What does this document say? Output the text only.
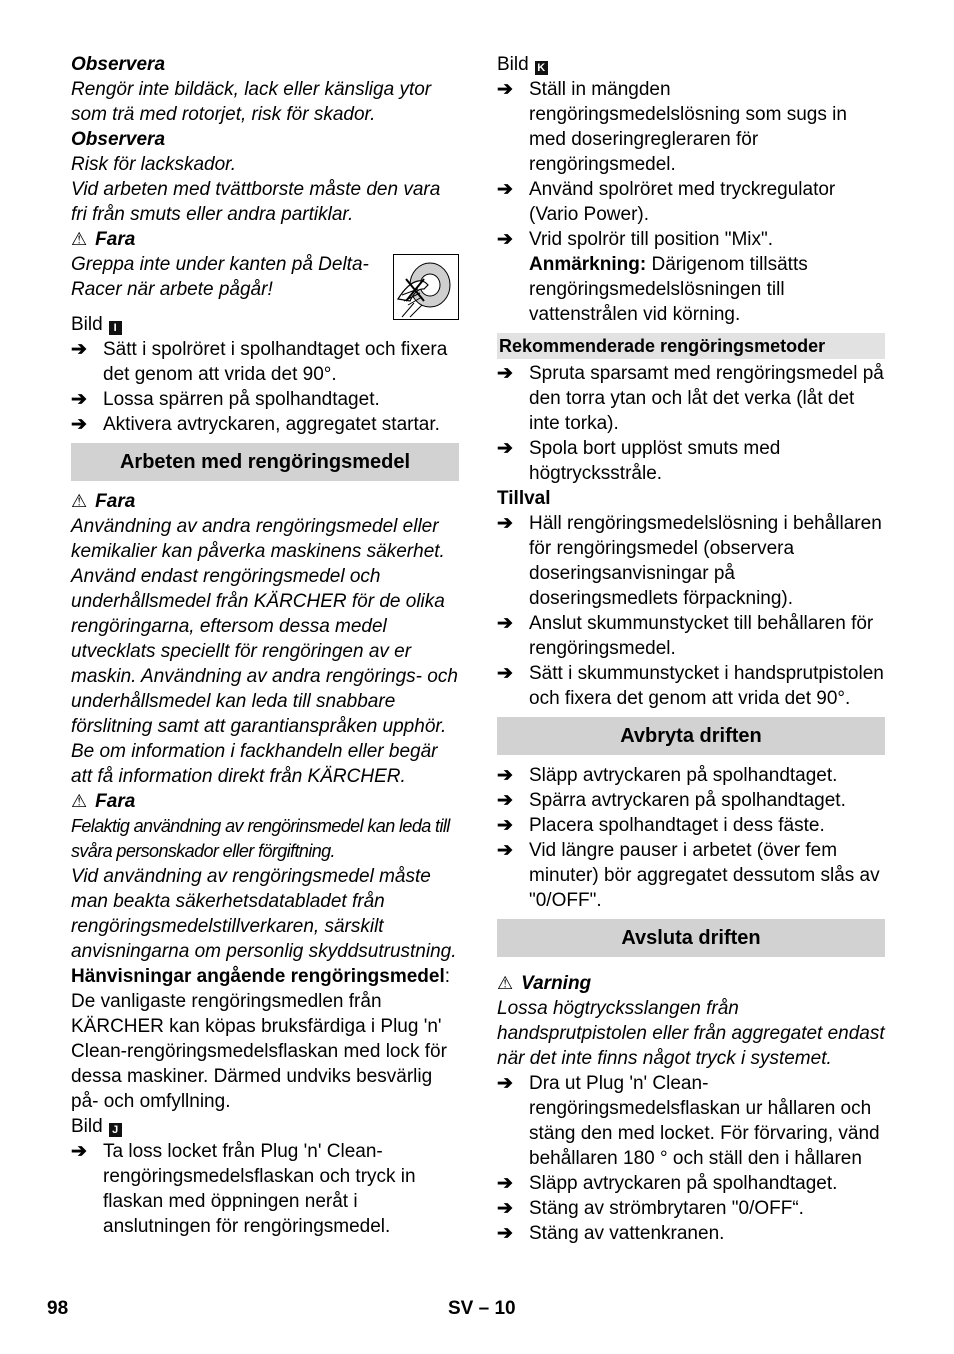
Observera

Rengör inte bildäck, lack eller känsliga ytor som trä med rotorjet, risk för skador.

Observera

Risk för lackskador.

Vid arbeten med tvättborste måste den vara fri från smuts eller andra partiklar.

⚠ Fara

Greppa inte under kanten på Delta-Racer när arbete pågår!

Bild I

➔ Sätt i spolröret i spolhandtaget och fixera det genom att vrida det 90°.
➔ Lossa spärren på spolhandtaget.
➔ Aktivera avtryckaren, aggregatet startar.
Arbeten med rengöringsmedel

⚠ Fara

Användning av andra rengöringsmedel eller kemikalier kan påverka maskinens säkerhet.

Använd endast rengöringsmedel och underhållsmedel från KÄRCHER för de olika rengöringarna, eftersom dessa medel utvecklats speciellt för rengöringen av er maskin. Användning av andra rengörings- och underhållsmedel kan leda till snabbare förslitning samt att garantianspråken upphör. Be om information i fackhandeln eller begär att få information direkt från KÄRCHER.

⚠ Fara

Felaktig användning av rengörinsmedel kan leda till svåra personskador eller förgiftning.

Vid användning av rengöringsmedel måste man beakta säkerhetsdatabladet från rengöringsmedelstillverkaren, särskilt anvisningarna om personlig skyddsutrustning.

Hänvisningar angående rengöringsmedel: De vanligaste rengöringsmedlen från KÄRCHER kan köpas bruksfärdiga i Plug 'n' Clean-rengöringsmedelsflaskan med lock för dessa maskiner. Därmed undviks besvärlig på- och omfyllning.

Bild J

➔ Ta loss locket från Plug 'n' Clean-rengöringsmedelsflaskan och tryck in flaskan med öppningen neråt i anslutningen för rengöringsmedel.

Bild K

➔ Ställ in mängden rengöringsmedelslösning som sugs in med doseringregleraren för rengöringsmedel.
➔ Använd spolröret med tryckregulator (Vario Power).
➔ Vrid spolrör till position "Mix".

Anmärkning: Därigenom tillsätts rengöringsmedelslösningen till vattenstrålen vid körning.

Rekommenderade rengöringsmetoder
➔ Spruta sparsamt med rengöringsmedel på den torra ytan och låt det verka (låt det inte torka).
➔ Spola bort upplöst smuts med högtrycksstråle.

Tillval

➔ Häll rengöringsmedelslösning i behållaren för rengöringsmedel (observera doseringsanvisningar på doseringsmedlets förpackning).
➔ Anslut skummunstycket till behållaren för rengöringsmedel.
➔ Sätt i skummunstycket i handsprutpistolen och fixera det genom att vrida det 90°.
Avbryta driften
➔ Släpp avtryckaren på spolhandtaget.
➔ Spärra avtryckaren på spolhandtaget.
➔ Placera spolhandtaget i dess fäste.
➔ Vid längre pauser i arbetet (över fem minuter) bör aggregatet dessutom slås av "0/OFF".
Avsluta driften

⚠ Varning

Lossa högtrycksslangen från handsprutpistolen eller från aggregatet endast när det inte finns något tryck i systemet.

➔ Dra ut Plug 'n' Clean-rengöringsmedelsflaskan ur hållaren och stäng den med locket. För förvaring, vänd behållaren 180 ° och ställ den i hållaren
➔ Släpp avtryckaren på spolhandtaget.
➔ Stäng av strömbrytaren "0/OFF“.
➔ Stäng av vattenkranen.
98	SV – 10
